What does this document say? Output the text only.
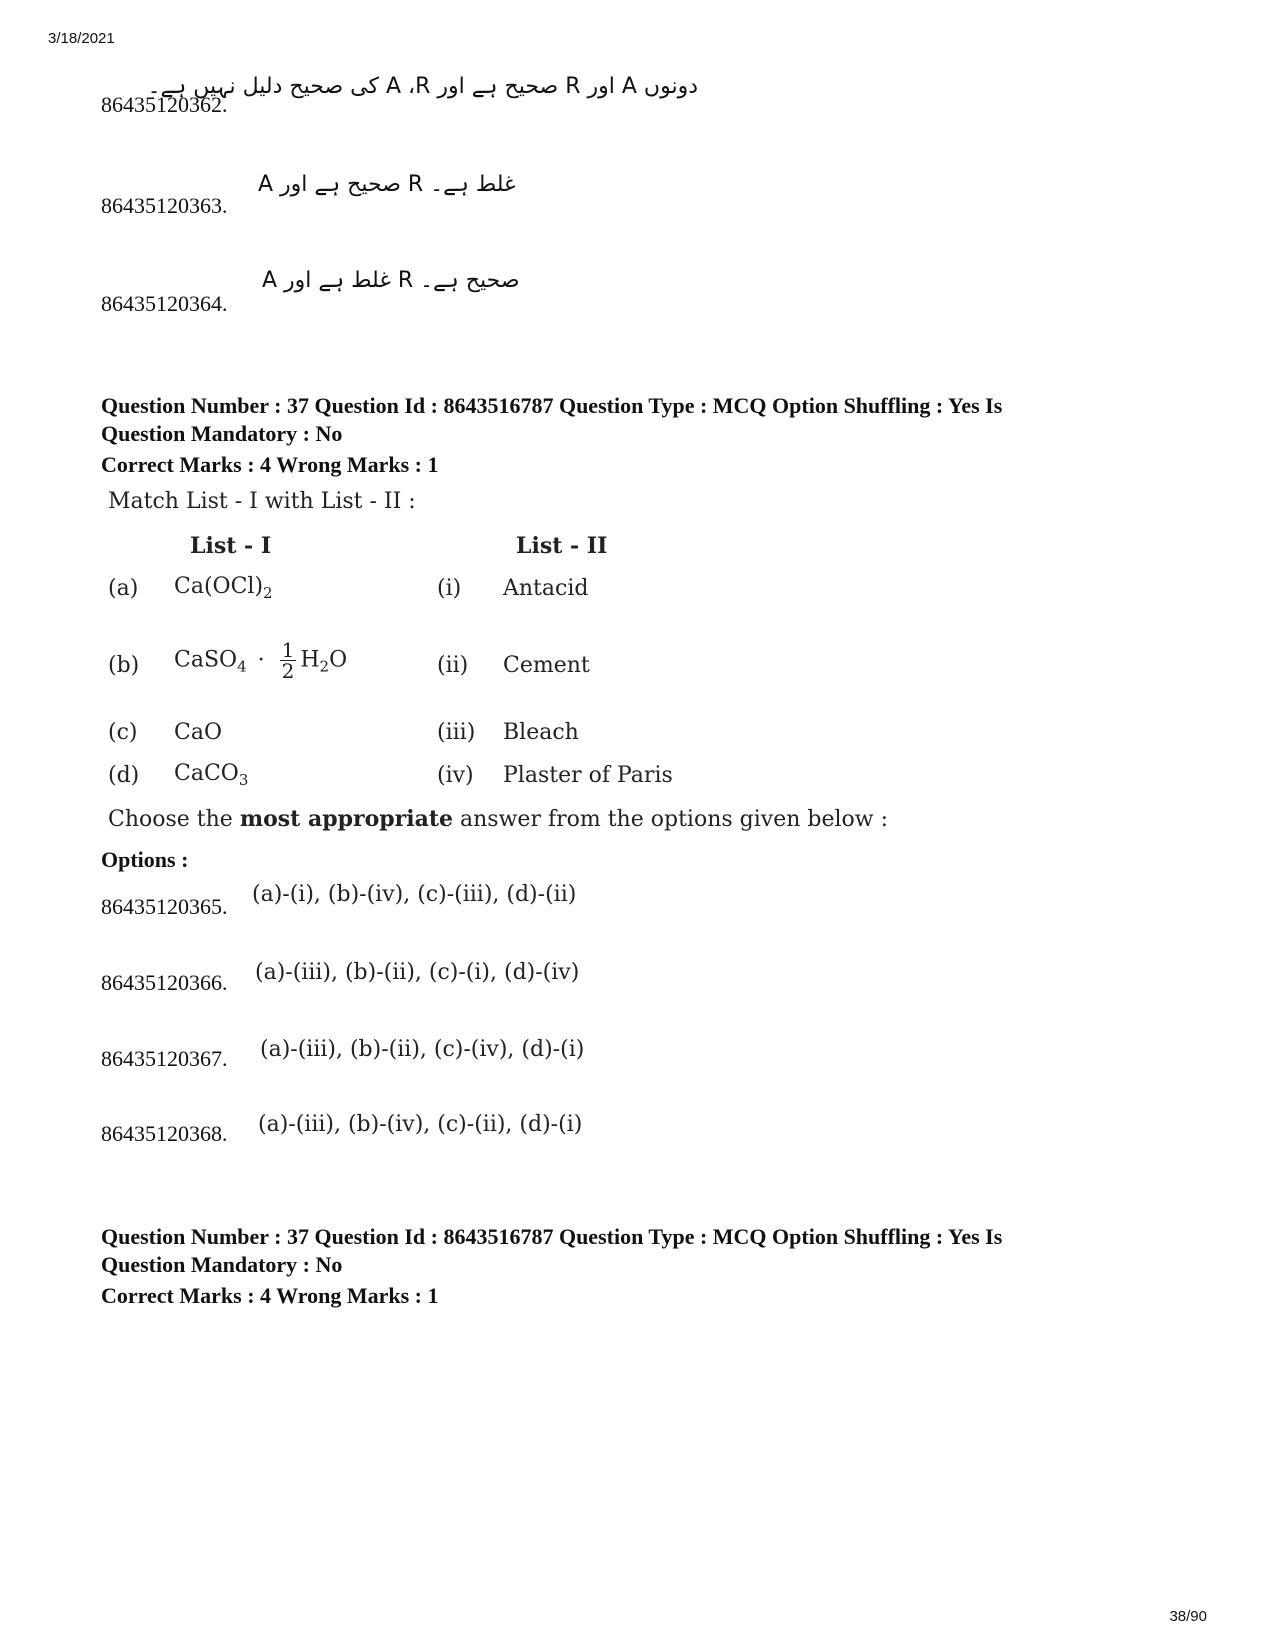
3/18/2021
86435120362.
دونوں A اور R صحیح ہے اور A ،R کی صحیح دلیل نہیں ہے۔
86435120363.
A صحیح ہے اور R غلط ہے۔
86435120364.
A غلط ہے اور R صحیح ہے۔
Question Number : 37 Question Id : 8643516787 Question Type : MCQ Option Shuffling : Yes Is
Question Mandatory : No
Correct Marks : 4 Wrong Marks : 1
Match List - I with List - II :
List - I	List - II
(a) $Ca(OCl)_2$	(i) Antacid
(b) CaSO$_4$ · $\frac{1}{2} H_2O$	(ii) Cement
(c) CaO	(iii) Bleach
(d) CaCO$_3$	(iv) Plaster of Paris
Choose the most appropriate answer from the options given below :
Options :
86435120365. (a)-(i), (b)-(iv), (c)-(iii), (d)-(ii)
86435120366. (a)-(iii), (b)-(ii), (c)-(i), (d)-(iv)
86435120367. (a)-(iii), (b)-(ii), (c)-(iv), (d)-(i)
86435120368. (a)-(iii), (b)-(iv), (c)-(ii), (d)-(i)
Question Number : 37 Question Id : 8643516787 Question Type : MCQ Option Shuffling : Yes Is
Question Mandatory : No
Correct Marks : 4 Wrong Marks : 1
38/90
